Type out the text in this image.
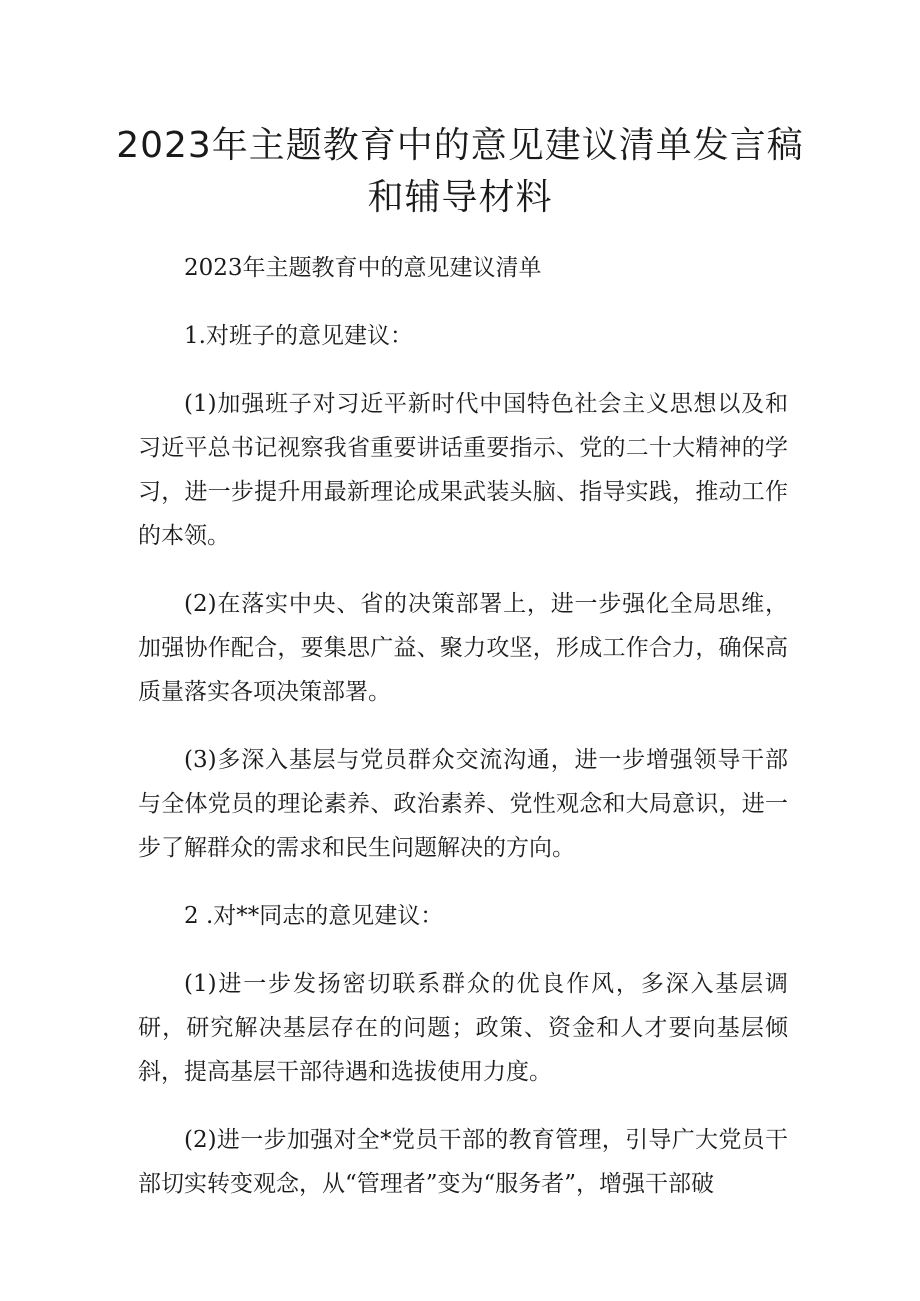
2023年主题教育中的意见建议清单发言稿
和辅导材料

2023年主题教育中的意见建议清单

1.对班子的意见建议：

(1)加强班子对习近平新时代中国特色社会主义思想以及和习近平总书记视察我省重要讲话重要指示、党的二十大精神的学习，进一步提升用最新理论成果武装头脑、指导实践，推动工作的本领。

(2)在落实中央、省的决策部署上，进一步强化全局思维，加强协作配合，要集思广益、聚力攻坚，形成工作合力，确保高质量落实各项决策部署。

(3)多深入基层与党员群众交流沟通，进一步增强领导干部与全体党员的理论素养、政治素养、党性观念和大局意识，进一步了解群众的需求和民生问题解决的方向。

2 .对**同志的意见建议：

(1)进一步发扬密切联系群众的优良作风，多深入基层调研，研究解决基层存在的问题；政策、资金和人才要向基层倾斜，提高基层干部待遇和选拔使用力度。

(2)进一步加强对全*党员干部的教育管理，引导广大党员干部切实转变观念，从“管理者”变为“服务者”，增强干部破
